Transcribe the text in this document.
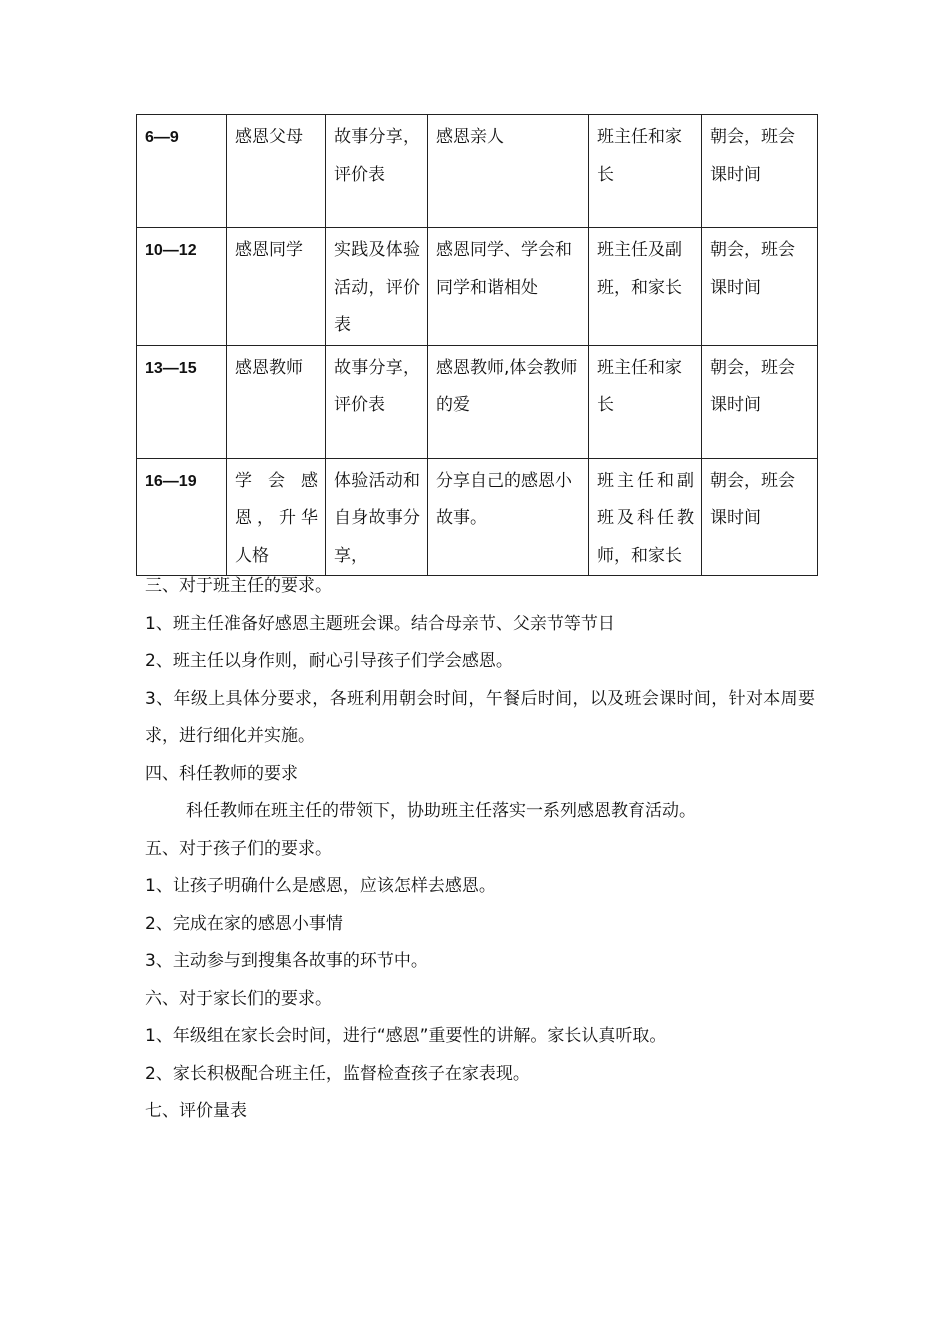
6—9	感恩父母	故事分享，评价表	感恩亲人	班主任和家长	朝会，班会课时间
10—12	感恩同学	实践及体验活动，评价表	感恩同学、学会和同学和谐相处	班主任及副班，和家长	朝会，班会课时间
13—15	感恩教师	故事分享，评价表	感恩教师,体会教师的爱	班主任和家长	朝会，班会课时间
16—19	学会感恩，升华人格	体验活动和自身故事分享，	分享自己的感恩小故事。	班主任和副班及科任教师，和家长	朝会，班会课时间

三、对于班主任的要求。

1、班主任准备好感恩主题班会课。结合母亲节、父亲节等节日

2、班主任以身作则，耐心引导孩子们学会感恩。

3、年级上具体分要求，各班利用朝会时间，午餐后时间，以及班会课时间，针对本周要求，进行细化并实施。

四、科任教师的要求

科任教师在班主任的带领下，协助班主任落实一系列感恩教育活动。

五、对于孩子们的要求。

1、让孩子明确什么是感恩，应该怎样去感恩。

2、完成在家的感恩小事情

3、主动参与到搜集各故事的环节中。

六、对于家长们的要求。

1、年级组在家长会时间，进行“感恩”重要性的讲解。家长认真听取。

2、家长积极配合班主任，监督检查孩子在家表现。

七、评价量表
